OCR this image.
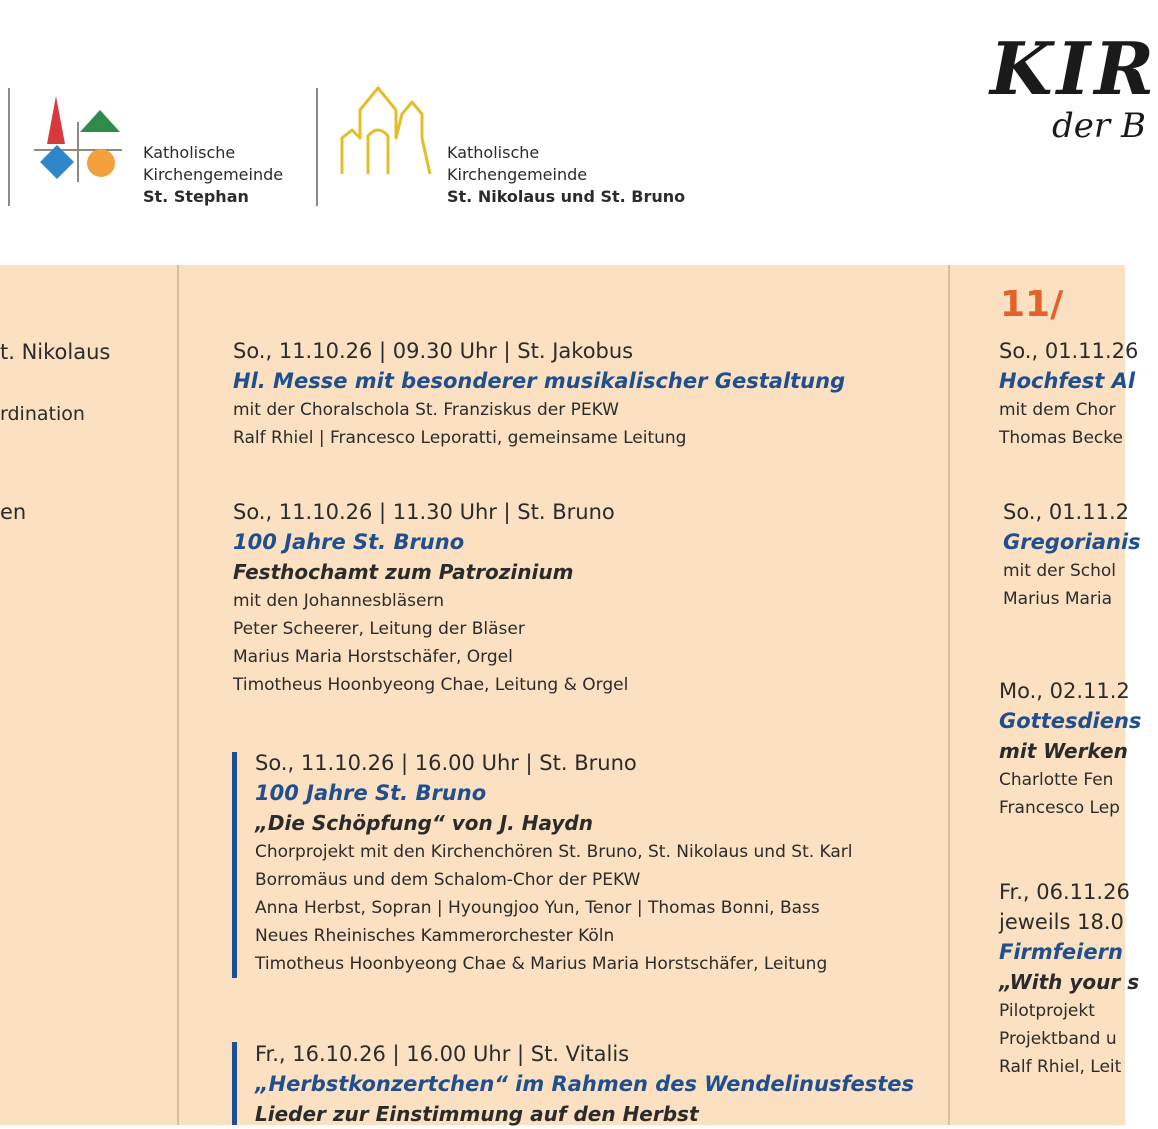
Katholische
Kirchengemeinde
St. Stephan
Katholische
Kirchengemeinde
St. Nikolaus und St. Bruno
KIR
der B
t. Nikolaus
rdination
en
So., 11.10.26 | 09.30 Uhr | St. Jakobus
Hl. Messe mit besonderer musikalischer Gestaltung
mit der Choralschola St. Franziskus der PEKW
Ralf Rhiel | Francesco Leporatti, gemeinsame Leitung
So., 11.10.26 | 11.30 Uhr | St. Bruno
100 Jahre St. Bruno
Festhochamt zum Patrozinium
mit den Johannesbläsern
Peter Scheerer, Leitung der Bläser
Marius Maria Horstschäfer, Orgel
Timotheus Hoonbyeong Chae, Leitung & Orgel
So., 11.10.26 | 16.00 Uhr | St. Bruno
100 Jahre St. Bruno
„Die Schöpfung“ von J. Haydn
Chorprojekt mit den Kirchenchören St. Bruno, St. Nikolaus und St. Karl
Borromäus und dem Schalom-Chor der PEKW
Anna Herbst, Sopran | Hyoungjoo Yun, Tenor | Thomas Bonni, Bass
Neues Rheinisches Kammerorchester Köln
Timotheus Hoonbyeong Chae & Marius Maria Horstschäfer, Leitung
Fr., 16.10.26 | 16.00 Uhr | St. Vitalis
„Herbstkonzertchen“ im Rahmen des Wendelinusfestes
Lieder zur Einstimmung auf den Herbst
11/
So., 01.11.26
Hochfest Al
mit dem Chor
Thomas Becke
So., 01.11.2
Gregorianis
mit der Schol
Marius Maria
Mo., 02.11.2
Gottesdiens
mit Werken
Charlotte Fen
Francesco Lep
Fr., 06.11.26
jeweils 18.0
Firmfeiern
„With your s
Pilotprojekt
Projektband u
Ralf Rhiel, Leit
